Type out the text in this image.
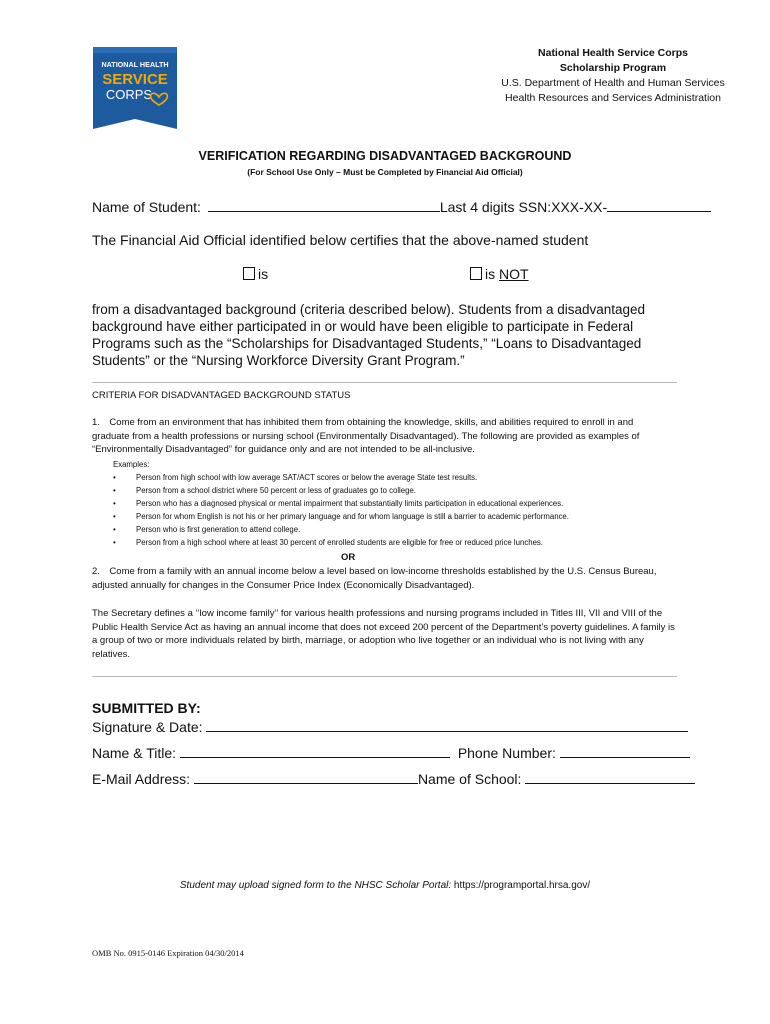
NATIONAL HEALTH
SERVICE
CORPS
National Health Service Corps
Scholarship Program
U.S. Department of Health and Human Services
Health Resources and Services Administration
VERIFICATION REGARDING DISADVANTAGED BACKGROUND
(For School Use Only – Must be Completed by Financial Aid Official)
Name of Student:	Last 4 digits SSN:XXX-XX-
The Financial Aid Official identified below certifies that the above-named student
is	is NOT
from a disadvantaged background (criteria described below). Students from a disadvantaged background have either participated in or would have been eligible to participate in Federal Programs such as the “Scholarships for Disadvantaged Students,” “Loans to Disadvantaged Students” or the “Nursing Workforce Diversity Grant Program.”
CRITERIA FOR DISADVANTAGED BACKGROUND STATUS
1. Come from an environment that has inhibited them from obtaining the knowledge, skills, and abilities required to enroll in and graduate from a health professions or nursing school (Environmentally Disadvantaged). The following are provided as examples of “Environmentally Disadvantaged” for guidance only and are not intended to be all-inclusive.
Examples:
•	Person from high school with low average SAT/ACT scores or below the average State test results.
•	Person from a school district where 50 percent or less of graduates go to college.
•	Person who has a diagnosed physical or mental impairment that substantially limits participation in educational experiences.
•	Person for whom English is not his or her primary language and for whom language is still a barrier to academic performance.
•	Person who is first generation to attend college.
•	Person from a high school where at least 30 percent of enrolled students are eligible for free or reduced price lunches.
OR
2. Come from a family with an annual income below a level based on low-income thresholds established by the U.S. Census Bureau, adjusted annually for changes in the Consumer Price Index (Economically Disadvantaged).
The Secretary defines a ‘‘low income family’’ for various health professions and nursing programs included in Titles III, VII and VIII of the Public Health Service Act as having an annual income that does not exceed 200 percent of the Department’s poverty guidelines. A family is a group of two or more individuals related by birth, marriage, or adoption who live together or an individual who is not living with any relatives.
SUBMITTED BY:
Signature & Date:
Name & Title:	Phone Number:
E-Mail Address:	Name of School:
Student may upload signed form to the NHSC Scholar Portal: https://programportal.hrsa.gov/
OMB No. 0915-0146 Expiration 04/30/2014
